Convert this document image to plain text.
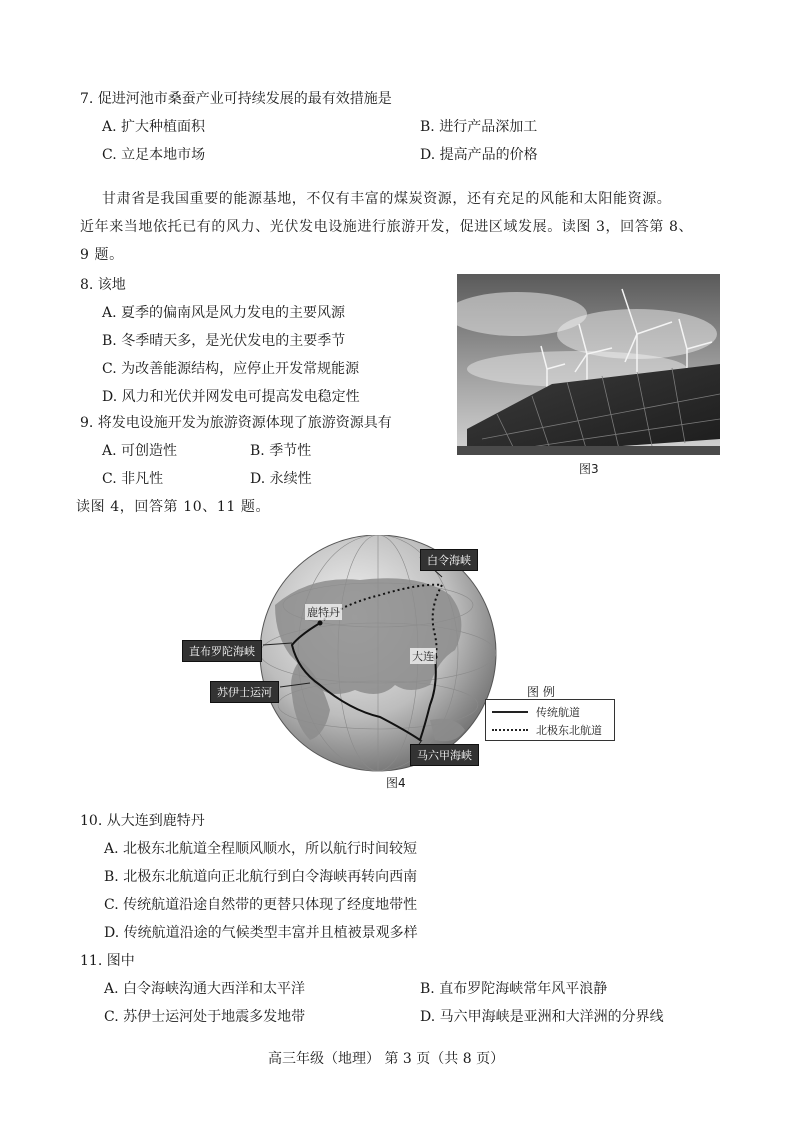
7. 促进河池市桑蚕产业可持续发展的最有效措施是
A. 扩大种植面积	B. 进行产品深加工
C. 立足本地市场	D. 提高产品的价格
甘肃省是我国重要的能源基地，不仅有丰富的煤炭资源，还有充足的风能和太阳能资源。
近年来当地依托已有的风力、光伏发电设施进行旅游开发，促进区域发展。读图 3，回答第 8、
9 题。
8. 该地
A. 夏季的偏南风是风力发电的主要风源
B. 冬季晴天多，是光伏发电的主要季节
C. 为改善能源结构，应停止开发常规能源
D. 风力和光伏并网发电可提高发电稳定性
9. 将发电设施开发为旅游资源体现了旅游资源具有
A. 可创造性	B. 季节性
C. 非凡性	D. 永续性
图3
读图 4，回答第 10、11 题。
白令海峡
鹿特丹
直布罗陀海峡	大连
苏伊士运河
马六甲海峡
图 例
传统航道
北极东北航道
图4
10. 从大连到鹿特丹
A. 北极东北航道全程顺风顺水，所以航行时间较短
B. 北极东北航道向正北航行到白令海峡再转向西南
C. 传统航道沿途自然带的更替只体现了经度地带性
D. 传统航道沿途的气候类型丰富并且植被景观多样
11. 图中
A. 白令海峡沟通大西洋和太平洋	B. 直布罗陀海峡常年风平浪静
C. 苏伊士运河处于地震多发地带	D. 马六甲海峡是亚洲和大洋洲的分界线
高三年级（地理） 第 3 页（共 8 页）
